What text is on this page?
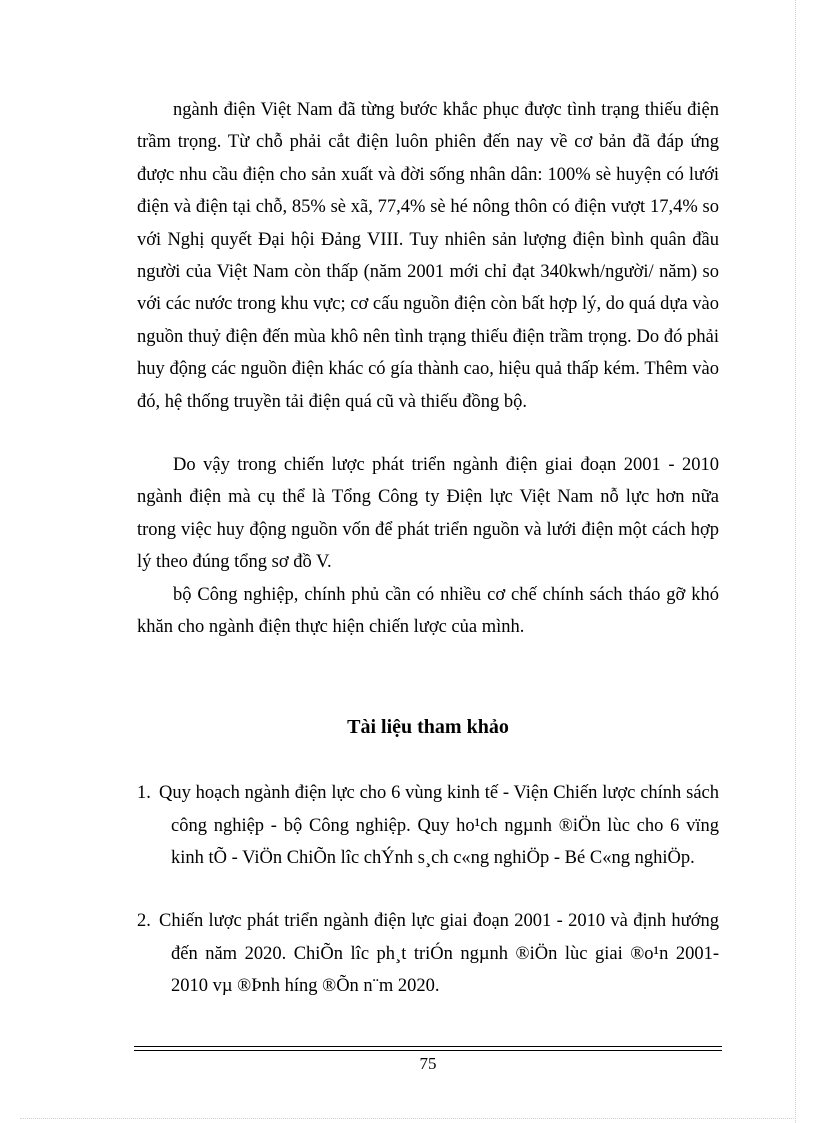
ngành điện Việt Nam đã từng bước khắc phục được tình trạng thiếu điện trầm trọng. Từ chỗ phải cắt điện luôn phiên đến nay về cơ bản đã đáp ứng được nhu cầu điện cho sản xuất và đời sống nhân dân: 100% sè huyện có lưới điện và điện tại chỗ, 85% sè xã, 77,4% sè hé nông thôn có điện vượt 17,4% so với Nghị quyết Đại hội Đảng VIII. Tuy nhiên sản lượng điện bình quân đầu người của Việt Nam còn thấp (năm 2001 mới chỉ đạt 340kwh/người/ năm) so với các nước trong khu vực; cơ cấu nguồn điện còn bất hợp lý, do quá dựa vào nguồn thuỷ điện đến mùa khô nên tình trạng thiếu điện trầm trọng. Do đó phải huy động các nguồn điện khác có gía thành cao, hiệu quả thấp kém. Thêm vào đó, hệ thống truyền tải điện quá cũ và thiếu đồng bộ.

Do vậy trong chiến lược phát triển ngành điện giai đoạn 2001 - 2010 ngành điện mà cụ thể là Tổng Công ty Điện lực Việt Nam nỗ lực hơn nữa trong việc huy động nguồn vốn để phát triển nguồn và lưới điện một cách hợp lý theo đúng tổng sơ đồ V.

bộ Công nghiệp, chính phủ cần có nhiều cơ chế chính sách tháo gỡ khó khăn cho ngành điện thực hiện chiến lược của mình.

Tài liệu tham khảo
1. Quy hoạch ngành điện lực cho 6 vùng kinh tế - Viện Chiến lược chính sách công nghiệp - bộ Công nghiệp. Quy ho¹ch ngµnh ®iÖn lùc cho 6 vïng kinh tÕ - ViÖn ChiÕn lîc chÝnh s¸ch c«ng nghiÖp - Bé C«ng nghiÖp.
2. Chiến lược phát triển ngành điện lực giai đoạn 2001 - 2010 và định hướng đến năm 2020. ChiÕn lîc ph¸t triÓn ngµnh ®iÖn lùc giai ®o¹n 2001-2010 vµ ®Þnh híng ®Õn n¨m 2020.
75
